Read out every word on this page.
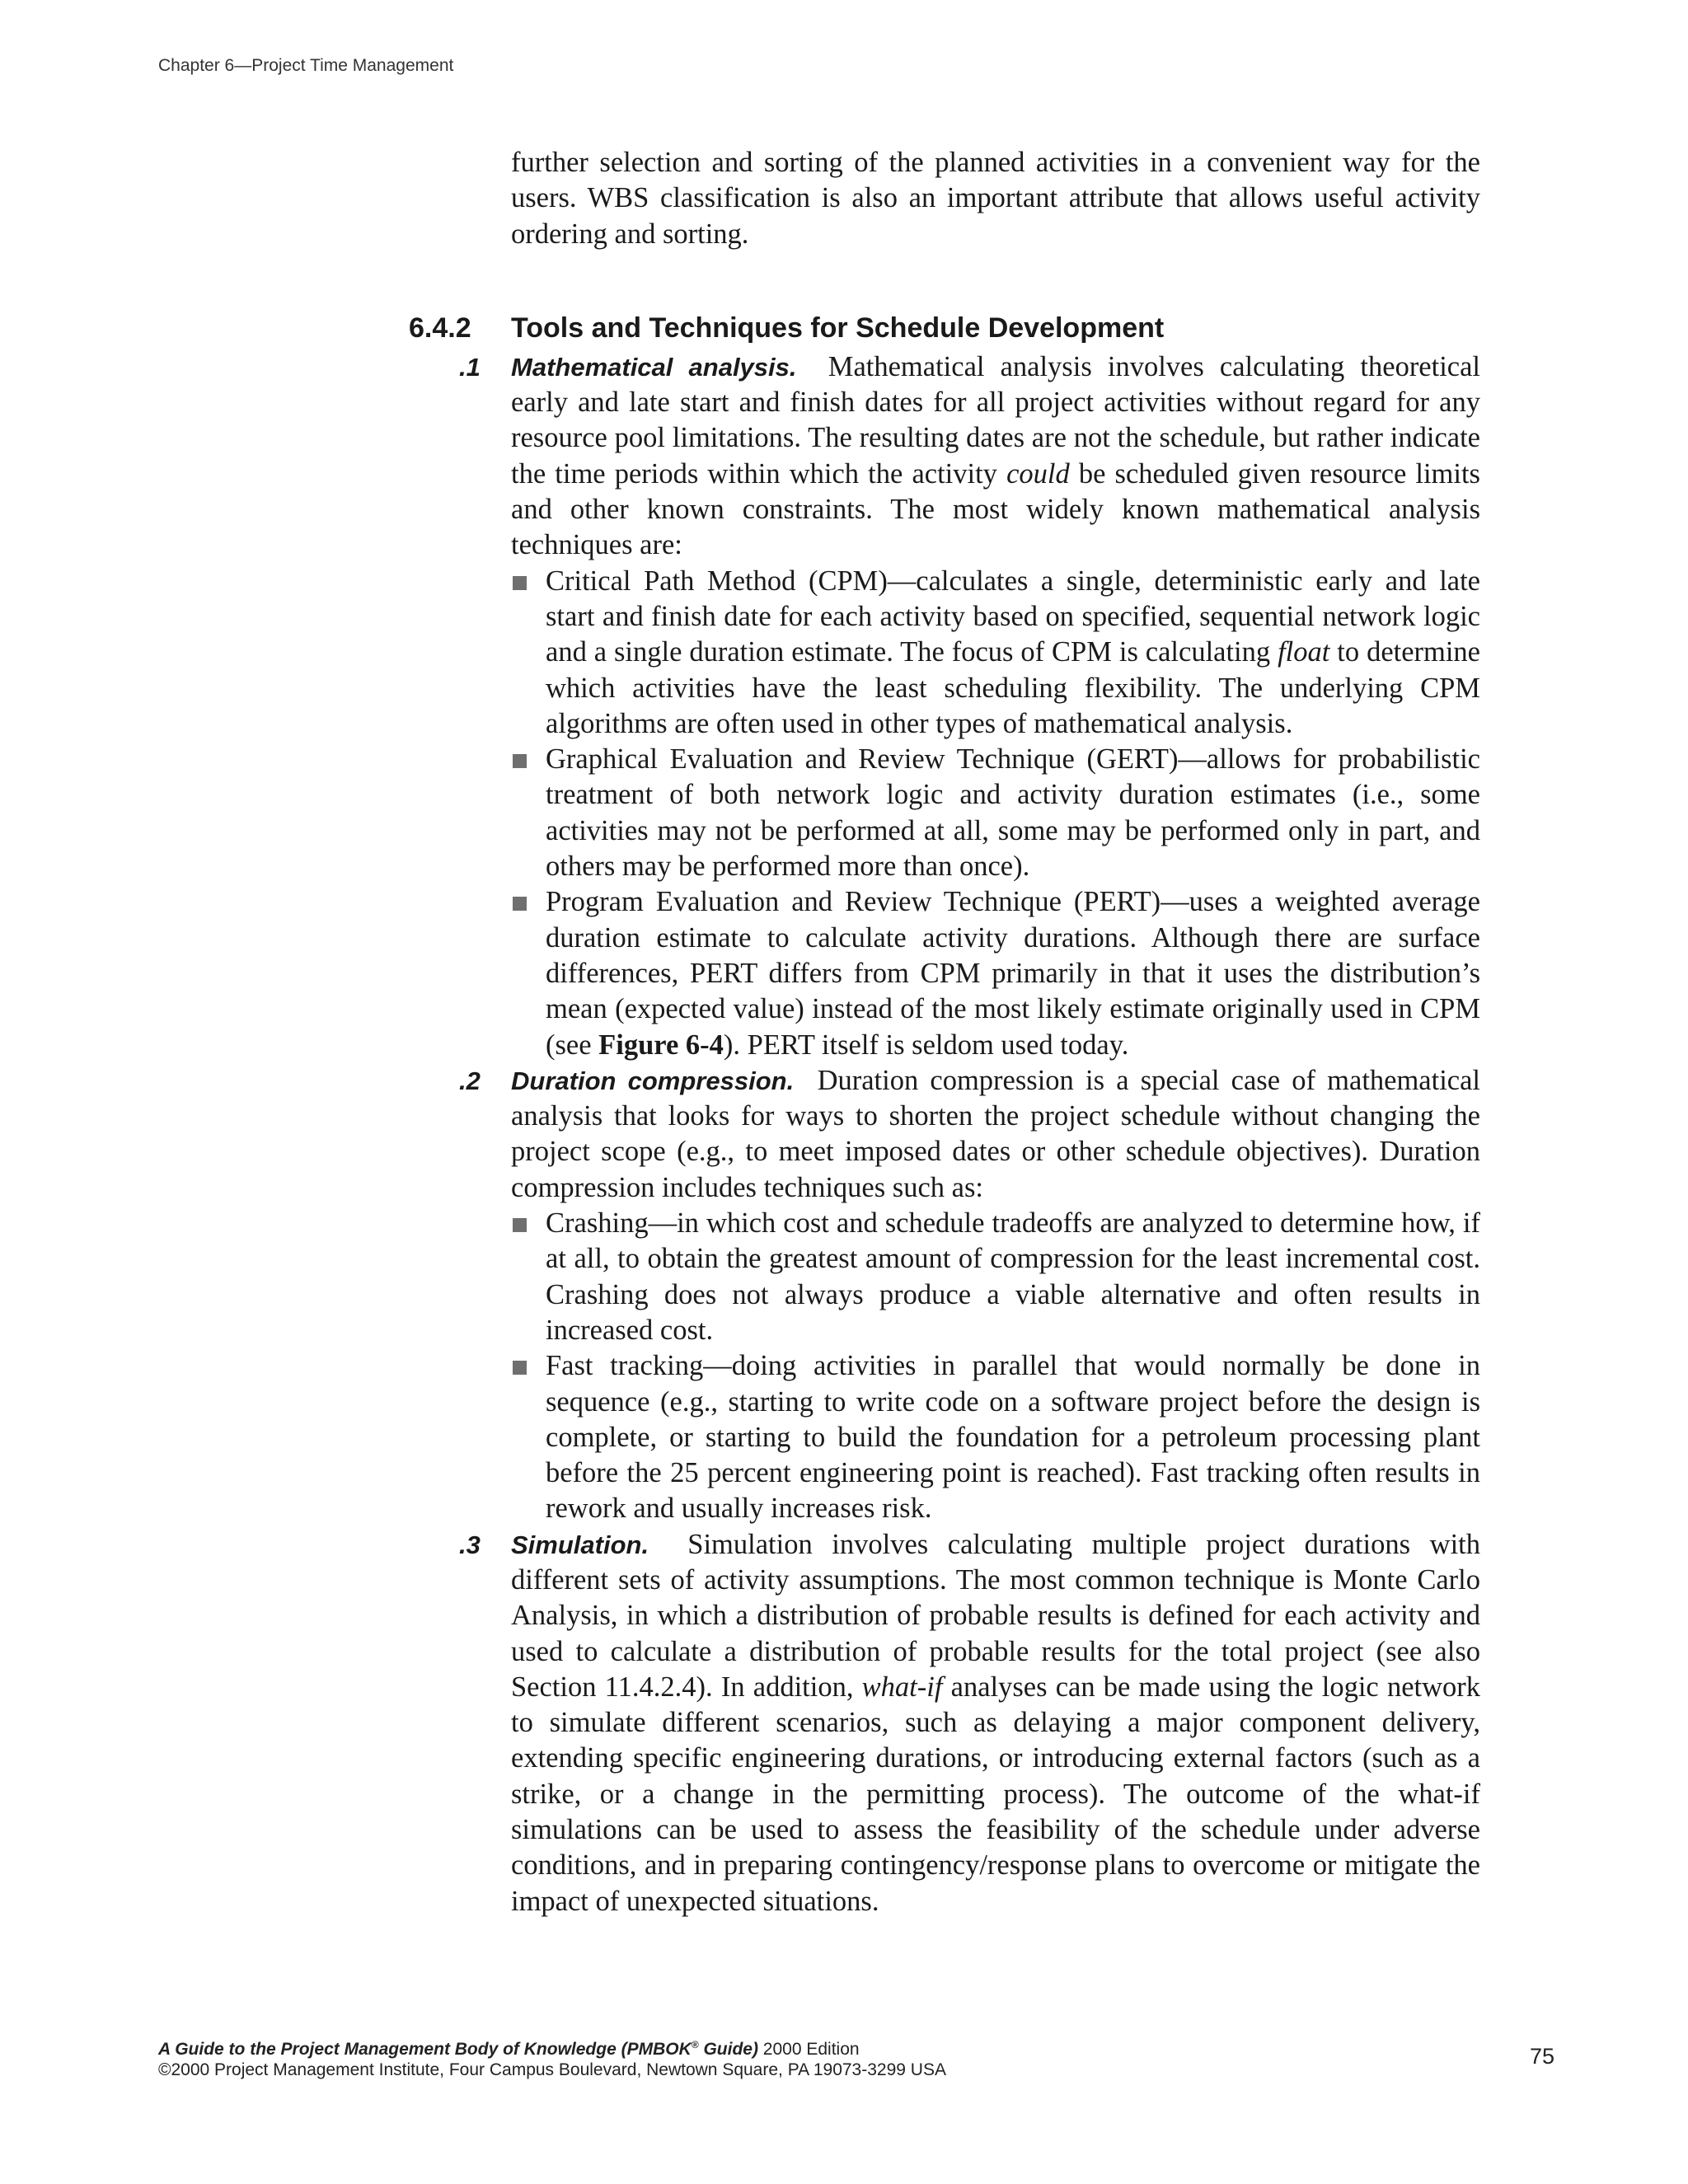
Chapter 6—Project Time Management

further selection and sorting of the planned activities in a convenient way for the users. WBS classification is also an important attribute that allows useful activity ordering and sorting.

6.4.2 Tools and Techniques for Schedule Development
.1 Mathematical analysis. Mathematical analysis involves calculating theoretical early and late start and finish dates for all project activities without regard for any resource pool limitations. The resulting dates are not the schedule, but rather indicate the time periods within which the activity could be scheduled given resource limits and other known constraints. The most widely known mathematical analysis techniques are:

Critical Path Method (CPM)—calculates a single, deterministic early and late start and finish date for each activity based on specified, sequential network logic and a single duration estimate. The focus of CPM is calculating float to determine which activities have the least scheduling flexibility. The underlying CPM algorithms are often used in other types of mathematical analysis.
Graphical Evaluation and Review Technique (GERT)—allows for probabilistic treatment of both network logic and activity duration estimates (i.e., some activities may not be performed at all, some may be performed only in part, and others may be performed more than once).
Program Evaluation and Review Technique (PERT)—uses a weighted average duration estimate to calculate activity durations. Although there are surface differences, PERT differs from CPM primarily in that it uses the distribution’s mean (expected value) instead of the most likely estimate originally used in CPM (see Figure 6-4). PERT itself is seldom used today.
.2 Duration compression. Duration compression is a special case of mathematical analysis that looks for ways to shorten the project schedule without changing the project scope (e.g., to meet imposed dates or other schedule objectives). Duration compression includes techniques such as:

Crashing—in which cost and schedule tradeoffs are analyzed to determine how, if at all, to obtain the greatest amount of compression for the least incremental cost. Crashing does not always produce a viable alternative and often results in increased cost.
Fast tracking—doing activities in parallel that would normally be done in sequence (e.g., starting to write code on a software project before the design is complete, or starting to build the foundation for a petroleum processing plant before the 25 percent engineering point is reached). Fast tracking often results in rework and usually increases risk.
.3 Simulation. Simulation involves calculating multiple project durations with different sets of activity assumptions. The most common technique is Monte Carlo Analysis, in which a distribution of probable results is defined for each activity and used to calculate a distribution of probable results for the total project (see also Section 11.4.2.4). In addition, what-if analyses can be made using the logic network to simulate different scenarios, such as delaying a major component delivery, extending specific engineering durations, or introducing external factors (such as a strike, or a change in the permitting process). The outcome of the what-if simulations can be used to assess the feasibility of the schedule under adverse conditions, and in preparing contingency/response plans to overcome or mitigate the impact of unexpected situations.

A Guide to the Project Management Body of Knowledge (PMBOK® Guide) 2000 Edition
©2000 Project Management Institute, Four Campus Boulevard, Newtown Square, PA 19073-3299 USA
75
